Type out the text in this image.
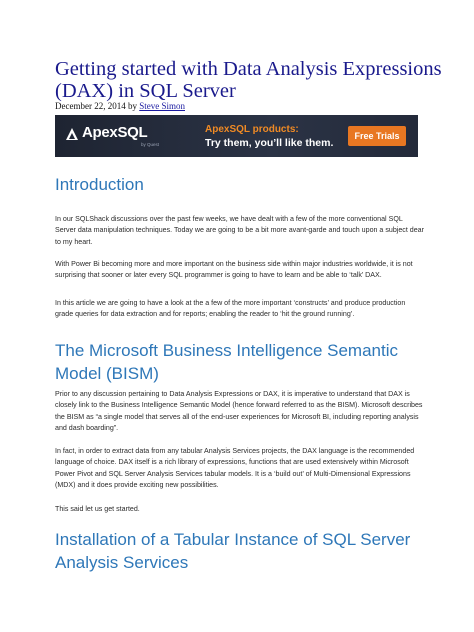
Getting started with Data Analysis Expressions (DAX) in SQL Server
December 22, 2014 by Steve Simon
ApexSQL
by Quest
ApexSQL products:
Try them, you’ll like them.
Free Trials
Introduction

In our SQLShack discussions over the past few weeks, we have dealt with a few of the more conventional SQL Server data manipulation techniques. Today we are going to be a bit more avant-garde and touch upon a subject dear to my heart.

With Power Bi becoming more and more important on the business side within major industries worldwide, it is not surprising that sooner or later every SQL programmer is going to have to learn and be able to ‘talk’ DAX.

In this article we are going to have a look at the a few of the more important ‘constructs’ and produce production grade queries for data extraction and for reports; enabling the reader to ‘hit the ground running’.

The Microsoft Business Intelligence Semantic Model (BISM)

Prior to any discussion pertaining to Data Analysis Expressions or DAX, it is imperative to understand that DAX is closely link to the Business Intelligence Semantic Model (hence forward referred to as the BISM). Microsoft describes the BISM as “a single model that serves all of the end-user experiences for Microsoft BI, including reporting analysis and dash boarding”.

In fact, in order to extract data from any tabular Analysis Services projects, the DAX language is the recommended language of choice. DAX itself is a rich library of expressions, functions that are used extensively within Microsoft Power Pivot and SQL Server Analysis Services tabular models. It is a ‘build out’ of Multi-Dimensional Expressions (MDX) and it does provide exciting new possibilities.

This said let us get started.

Installation of a Tabular Instance of SQL Server Analysis Services
